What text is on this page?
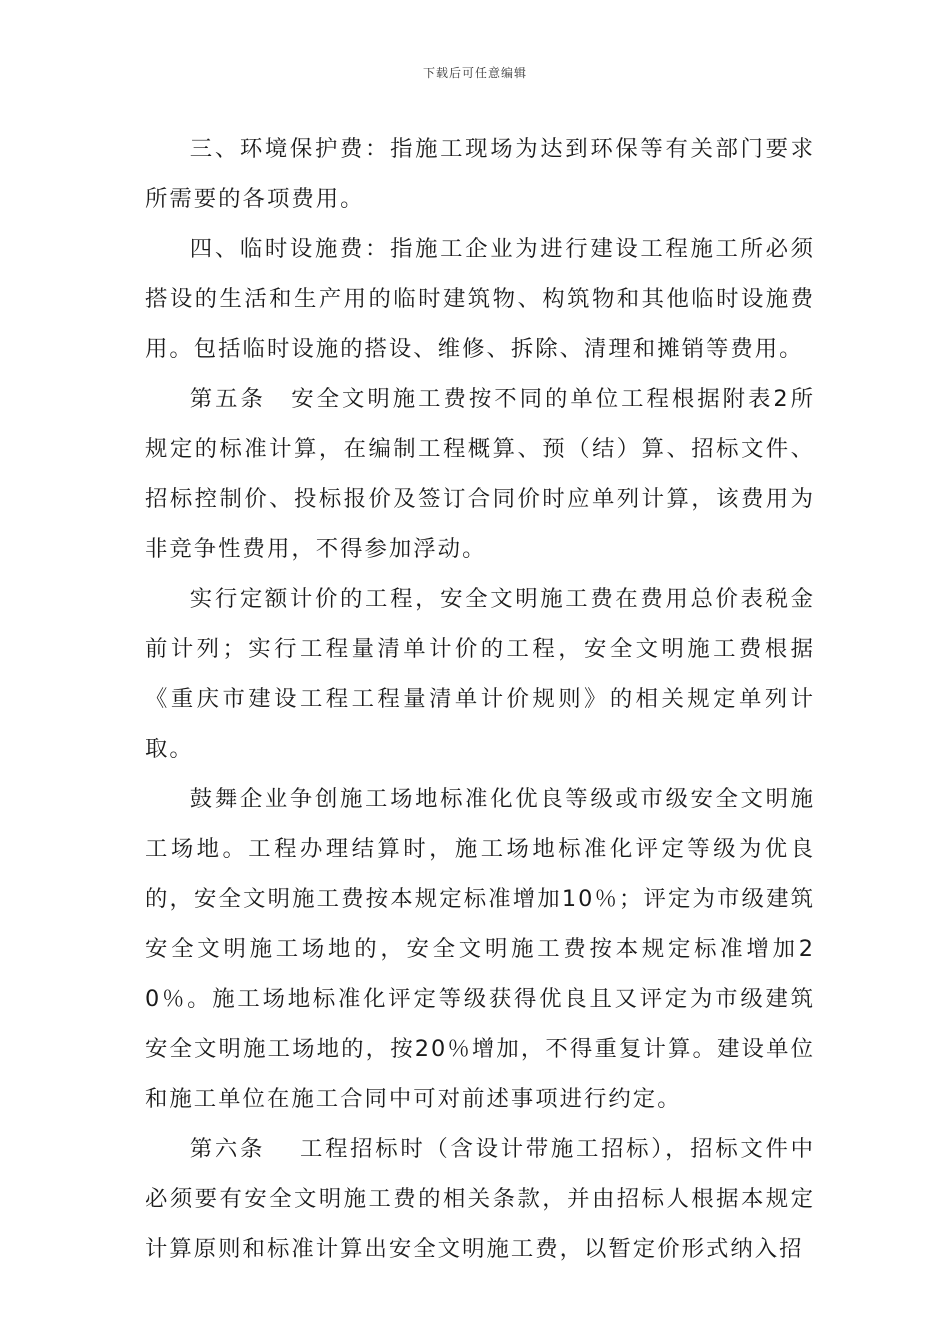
下载后可任意编辑

三、环境保护费：指施工现场为达到环保等有关部门要求所需要的各项费用。

四、临时设施费：指施工企业为进行建设工程施工所必须搭设的生活和生产用的临时建筑物、构筑物和其他临时设施费用。包括临时设施的搭设、维修、拆除、清理和摊销等费用。

第五条　安全文明施工费按不同的单位工程根据附表2所规定的标准计算，在编制工程概算、预（结）算、招标文件、招标控制价、投标报价及签订合同价时应单列计算，该费用为非竞争性费用，不得参加浮动。

实行定额计价的工程，安全文明施工费在费用总价表税金前计列；实行工程量清单计价的工程，安全文明施工费根据《重庆市建设工程工程量清单计价规则》的相关规定单列计取。

鼓舞企业争创施工场地标准化优良等级或市级安全文明施工场地。工程办理结算时，施工场地标准化评定等级为优良的，安全文明施工费按本规定标准增加10％；评定为市级建筑安全文明施工场地的，安全文明施工费按本规定标准增加20％。施工场地标准化评定等级获得优良且又评定为市级建筑安全文明施工场地的，按20％增加，不得重复计算。建设单位和施工单位在施工合同中可对前述事项进行约定。

第六条　 工程招标时（含设计带施工招标），招标文件中必须要有安全文明施工费的相关条款，并由招标人根据本规定计算原则和标准计算出安全文明施工费，以暂定价形式纳入招
